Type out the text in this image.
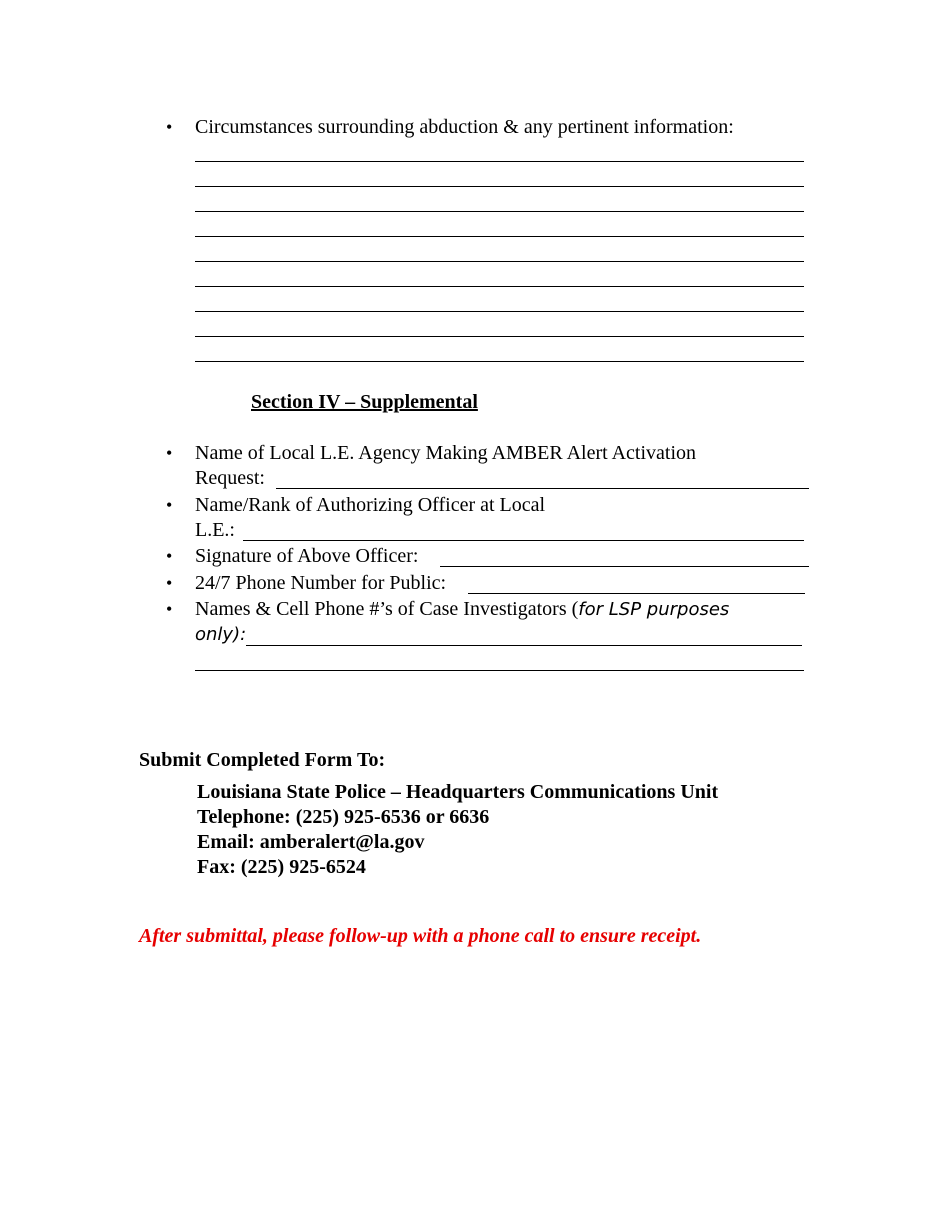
• Circumstances surrounding abduction & any pertinent information:
Section IV – Supplemental
• Name of Local L.E. Agency Making AMBER Alert Activation
Request:
• Name/Rank of Authorizing Officer at Local
L.E.:
• Signature of Above Officer:
• 24/7 Phone Number for Public:
• Names & Cell Phone #’s of Case Investigators (for LSP purposes
only):
Submit Completed Form To:
Louisiana State Police – Headquarters Communications Unit
Telephone: (225) 925-6536 or 6636
Email: amberalert@la.gov
Fax: (225) 925-6524
After submittal, please follow-up with a phone call to ensure receipt.
